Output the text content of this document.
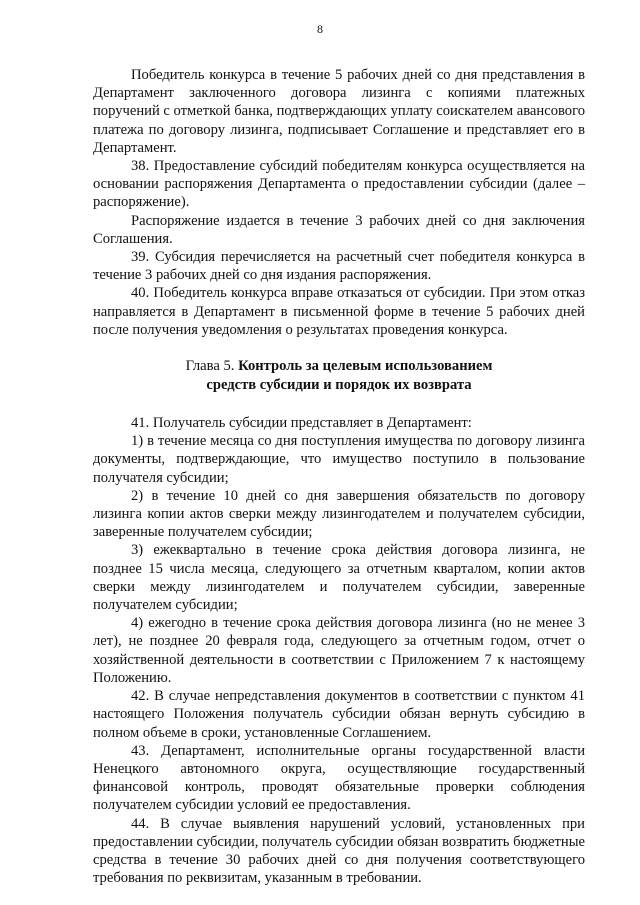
8

Победитель конкурса в течение 5 рабочих дней со дня представления в Департамент заключенного договора лизинга с копиями платежных поручений с отметкой банка, подтверждающих уплату соискателем авансового платежа по договору лизинга, подписывает Соглашение и представляет его в Департамент.

38. Предоставление субсидий победителям конкурса осуществляется на основании распоряжения Департамента о предоставлении субсидии (далее – распоряжение).

Распоряжение издается в течение 3 рабочих дней со дня заключения Соглашения.

39. Субсидия перечисляется на расчетный счет победителя конкурса в течение 3 рабочих дней со дня издания распоряжения.

40. Победитель конкурса вправе отказаться от субсидии. При этом отказ направляется в Департамент в письменной форме в течение 5 рабочих дней после получения уведомления о результатах проведения конкурса.

Глава 5. Контроль за целевым использованием
средств субсидии и порядок их возврата

41. Получатель субсидии представляет в Департамент:

1) в течение месяца со дня поступления имущества по договору лизинга документы, подтверждающие, что имущество поступило в пользование получателя субсидии;

2) в течение 10 дней со дня завершения обязательств по договору лизинга копии актов сверки между лизингодателем и получателем субсидии, заверенные получателем субсидии;

3) ежеквартально в течение срока действия договора лизинга, не позднее 15 числа месяца, следующего за отчетным кварталом, копии актов сверки между лизингодателем и получателем субсидии, заверенные получателем субсидии;

4) ежегодно в течение срока действия договора лизинга (но не менее 3 лет), не позднее 20 февраля года, следующего за отчетным годом, отчет о хозяйственной деятельности в соответствии с Приложением 7 к настоящему Положению.

42. В случае непредставления документов в соответствии с пунктом 41 настоящего Положения получатель субсидии обязан вернуть субсидию в полном объеме в сроки, установленные Соглашением.

43. Департамент, исполнительные органы государственной власти Ненецкого автономного округа, осуществляющие государственный финансовой контроль, проводят обязательные проверки соблюдения получателем субсидии условий ее предоставления.

44. В случае выявления нарушений условий, установленных при предоставлении субсидии, получатель субсидии обязан возвратить бюджетные средства в течение 30 рабочих дней со дня получения соответствующего требования по реквизитам, указанным в требовании.
